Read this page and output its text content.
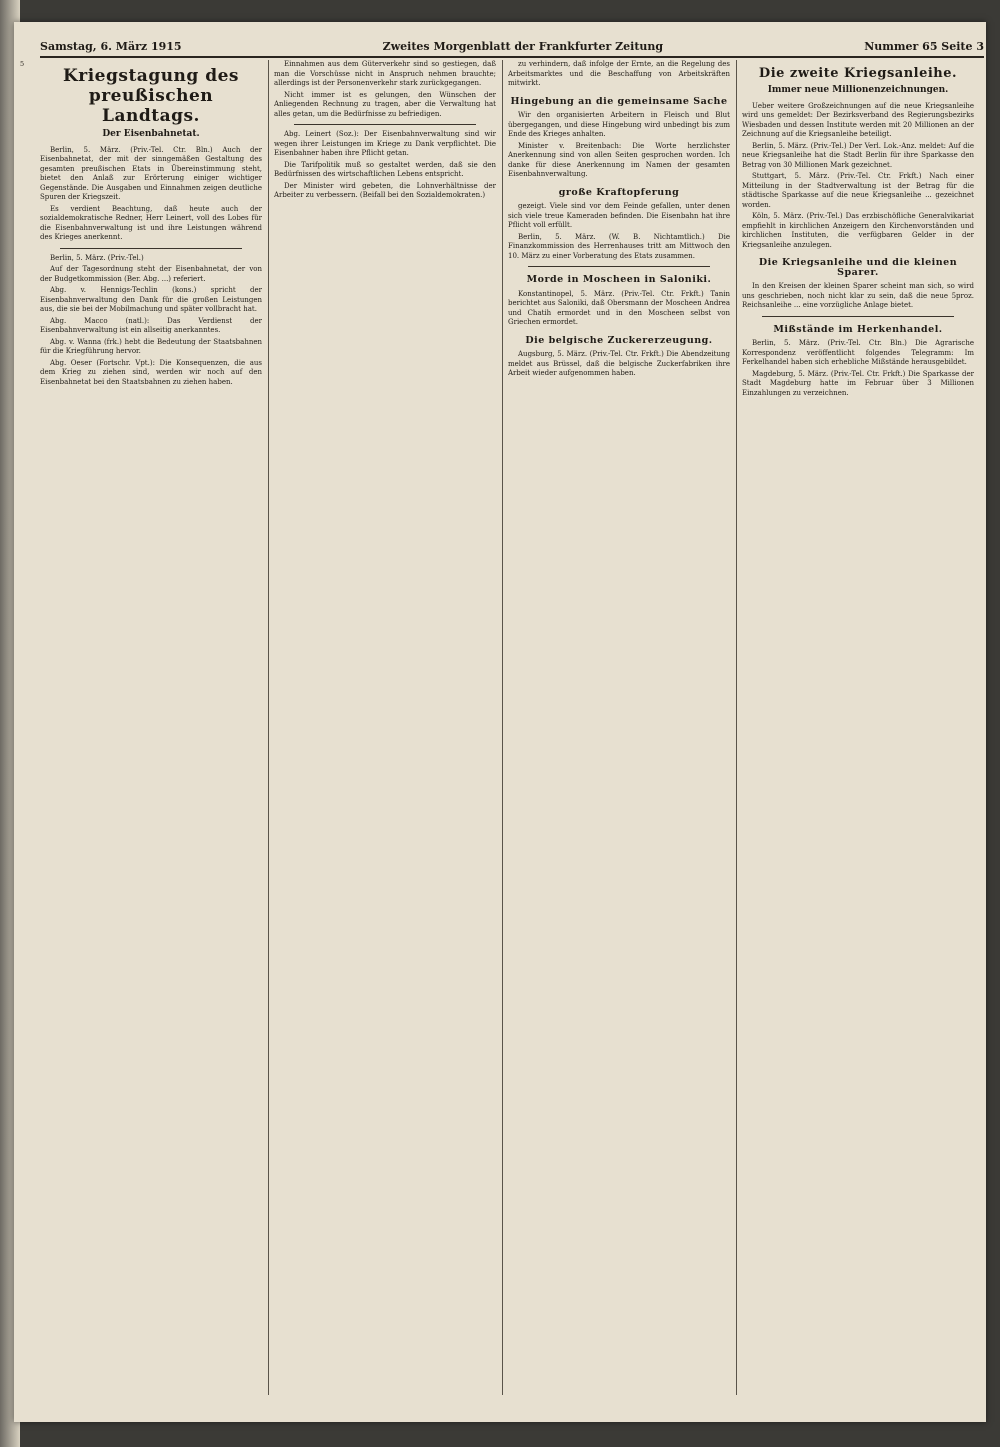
5
Samstag, 6. März 1915	Zweites Morgenblatt der Frankfurter Zeitung	Nummer 65 Seite 3
Kriegstagung des preußischen Landtags.
Der Eisenbahnetat.

Berlin, 5. März. (Priv.-Tel. Ctr. Bln.) Auch der Eisenbahnetat, der mit der sinngemäßen Gestaltung des gesamten preußischen Etats in Übereinstimmung steht, bietet den Anlaß zur Erörterung einiger wichtiger Gegenstände. Die Ausgaben und Einnahmen zeigen deutliche Spuren der Kriegszeit.

Es verdient Beachtung, daß heute auch der sozialdemokratische Redner, Herr Leinert, voll des Lobes für die Eisenbahnverwaltung ist und ihre Leistungen während des Krieges anerkennt.

Berlin, 5. März. (Priv.-Tel.)

Auf der Tagesordnung steht der Eisenbahnetat, der von der Budgetkommission (Ber. Abg. ...) referiert.

Abg. v. Hennigs-Techlin (kons.) spricht der Eisenbahnverwaltung den Dank für die großen Leistungen aus, die sie bei der Mobilmachung und später vollbracht hat.

Abg. Macco (natl.): Das Verdienst der Eisenbahnverwaltung ist ein allseitig anerkanntes.

Abg. v. Wanna (frk.) hebt die Bedeutung der Staatsbahnen für die Kriegführung hervor.

Abg. Oeser (Fortschr. Vpt.): Die Konsequenzen, die aus dem Krieg zu ziehen sind, werden wir noch auf den Eisenbahnetat bei den Staatsbahnen zu ziehen haben.

Einnahmen aus dem Güterverkehr sind so gestiegen, daß man die Vorschüsse nicht in Anspruch nehmen brauchte; allerdings ist der Personenverkehr stark zurückgegangen.

Nicht immer ist es gelungen, den Wünschen der Anliegenden Rechnung zu tragen, aber die Verwaltung hat alles getan, um die Bedürfnisse zu befriedigen.

Abg. Leinert (Soz.): Der Eisenbahnverwaltung sind wir wegen ihrer Leistungen im Kriege zu Dank verpflichtet. Die Eisenbahner haben ihre Pflicht getan.

Die Tarifpolitik muß so gestaltet werden, daß sie den Bedürfnissen des wirtschaftlichen Lebens entspricht.

Der Minister wird gebeten, die Lohnverhältnisse der Arbeiter zu verbessern. (Beifall bei den Sozialdemokraten.)

zu verhindern, daß infolge der Ernte, an die Regelung des Arbeitsmarktes und die Beschaffung von Arbeitskräften mitwirkt.

Hingebung an die gemeinsame Sache

Wir den organisierten Arbeitern in Fleisch und Blut übergegangen, und diese Hingebung wird unbedingt bis zum Ende des Krieges anhalten.

Minister v. Breitenbach: Die Worte herzlichster Anerkennung sind von allen Seiten gesprochen worden. Ich danke für diese Anerkennung im Namen der gesamten Eisenbahnverwaltung.

große Kraftopferung

gezeigt. Viele sind vor dem Feinde gefallen, unter denen sich viele treue Kameraden befinden. Die Eisenbahn hat ihre Pflicht voll erfüllt.

Berlin, 5. März. (W. B. Nichtamtlich.) Die Finanzkommission des Herrenhauses tritt am Mittwoch den 10. März zu einer Vorberatung des Etats zusammen.

Morde in Moscheen in Saloniki.

Konstantinopel, 5. März. (Priv.-Tel. Ctr. Frkft.) Tanin berichtet aus Saloniki, daß Obersmann der Moscheen Andrea und Chatih ermordet und in den Moscheen selbst von Griechen ermordet.

Die belgische Zuckererzeugung.

Augsburg, 5. März. (Priv.-Tel. Ctr. Frkft.) Die Abendzeitung meldet aus Brüssel, daß die belgische Zuckerfabriken ihre Arbeit wieder aufgenommen haben.

Die zweite Kriegsanleihe.
Immer neue Millionenzeichnungen.

Ueber weitere Großzeichnungen auf die neue Kriegsanleihe wird uns gemeldet: Der Bezirksverband des Regierungsbezirks Wiesbaden und dessen Institute werden mit 20 Millionen an der Zeichnung auf die Kriegsanleihe beteiligt.

Berlin, 5. März. (Priv.-Tel.) Der Verl. Lok.-Anz. meldet: Auf die neue Kriegsanleihe hat die Stadt Berlin für ihre Sparkasse den Betrag von 30 Millionen Mark gezeichnet.

Stuttgart, 5. März. (Priv.-Tel. Ctr. Frkft.) Nach einer Mitteilung in der Stadtverwaltung ist der Betrag für die städtische Sparkasse auf die neue Kriegsanleihe ... gezeichnet worden.

Köln, 5. März. (Priv.-Tel.) Das erzbischöfliche Generalvikariat empfiehlt in kirchlichen Anzeigern den Kirchenvorständen und kirchlichen Instituten, die verfügbaren Gelder in der Kriegsanleihe anzulegen.

Die Kriegsanleihe und die kleinen Sparer.

In den Kreisen der kleinen Sparer scheint man sich, so wird uns geschrieben, noch nicht klar zu sein, daß die neue 5proz. Reichsanleihe ... eine vorzügliche Anlage bietet.

Mißstände im Herkenhandel.

Berlin, 5. März. (Priv.-Tel. Ctr. Bln.) Die Agrarische Korrespondenz veröffentlicht folgendes Telegramm: Im Ferkelhandel haben sich erhebliche Mißstände herausgebildet.

Magdeburg, 5. März. (Priv.-Tel. Ctr. Frkft.) Die Sparkasse der Stadt Magdeburg hatte im Februar über 3 Millionen Einzahlungen zu verzeichnen.
